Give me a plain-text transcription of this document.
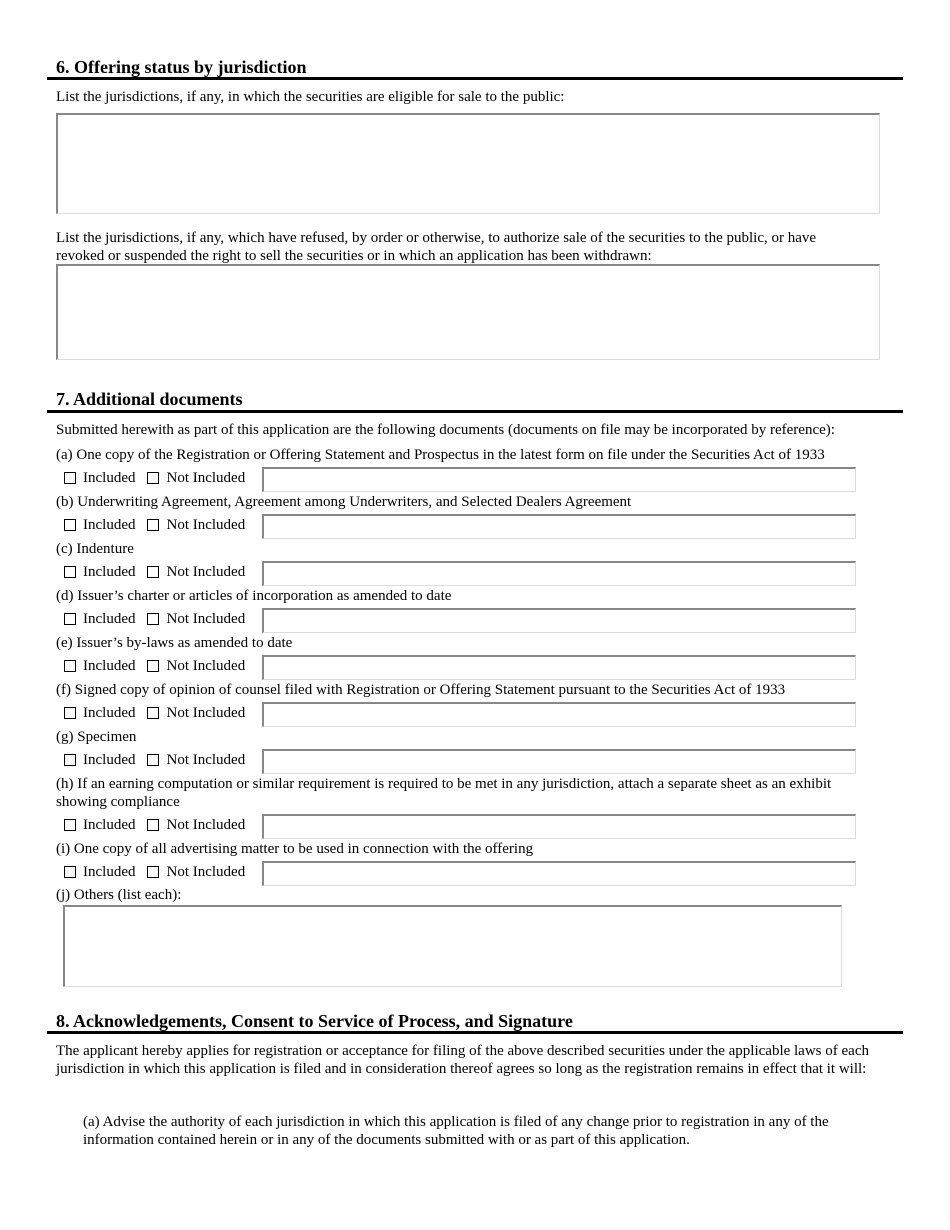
6. Offering status by jurisdiction
List the jurisdictions, if any, in which the securities are eligible for sale to the public:
List the jurisdictions, if any, which have refused, by order or otherwise, to authorize sale of the securities to the public, or have revoked or suspended the right to sell the securities or in which an application has been withdrawn:
7. Additional documents
Submitted herewith as part of this application are the following documents (documents on file may be incorporated by reference):
(a) One copy of the Registration or Offering Statement and Prospectus in the latest form on file under the Securities Act of 1933
Included Not Included
(b) Underwriting Agreement, Agreement among Underwriters, and Selected Dealers Agreement
Included Not Included
(c) Indenture
Included Not Included
(d) Issuer’s charter or articles of incorporation as amended to date
Included Not Included
(e) Issuer’s by-laws as amended to date
Included Not Included
(f) Signed copy of opinion of counsel filed with Registration or Offering Statement pursuant to the Securities Act of 1933
Included Not Included
(g) Specimen
Included Not Included
(h) If an earning computation or similar requirement is required to be met in any jurisdiction, attach a separate sheet as an exhibit showing compliance
Included Not Included
(i) One copy of all advertising matter to be used in connection with the offering
Included Not Included
(j) Others (list each):
8. Acknowledgements, Consent to Service of Process, and Signature
The applicant hereby applies for registration or acceptance for filing of the above described securities under the applicable laws of each jurisdiction in which this application is filed and in consideration thereof agrees so long as the registration remains in effect that it will:
(a) Advise the authority of each jurisdiction in which this application is filed of any change prior to registration in any of the information contained herein or in any of the documents submitted with or as part of this application.
